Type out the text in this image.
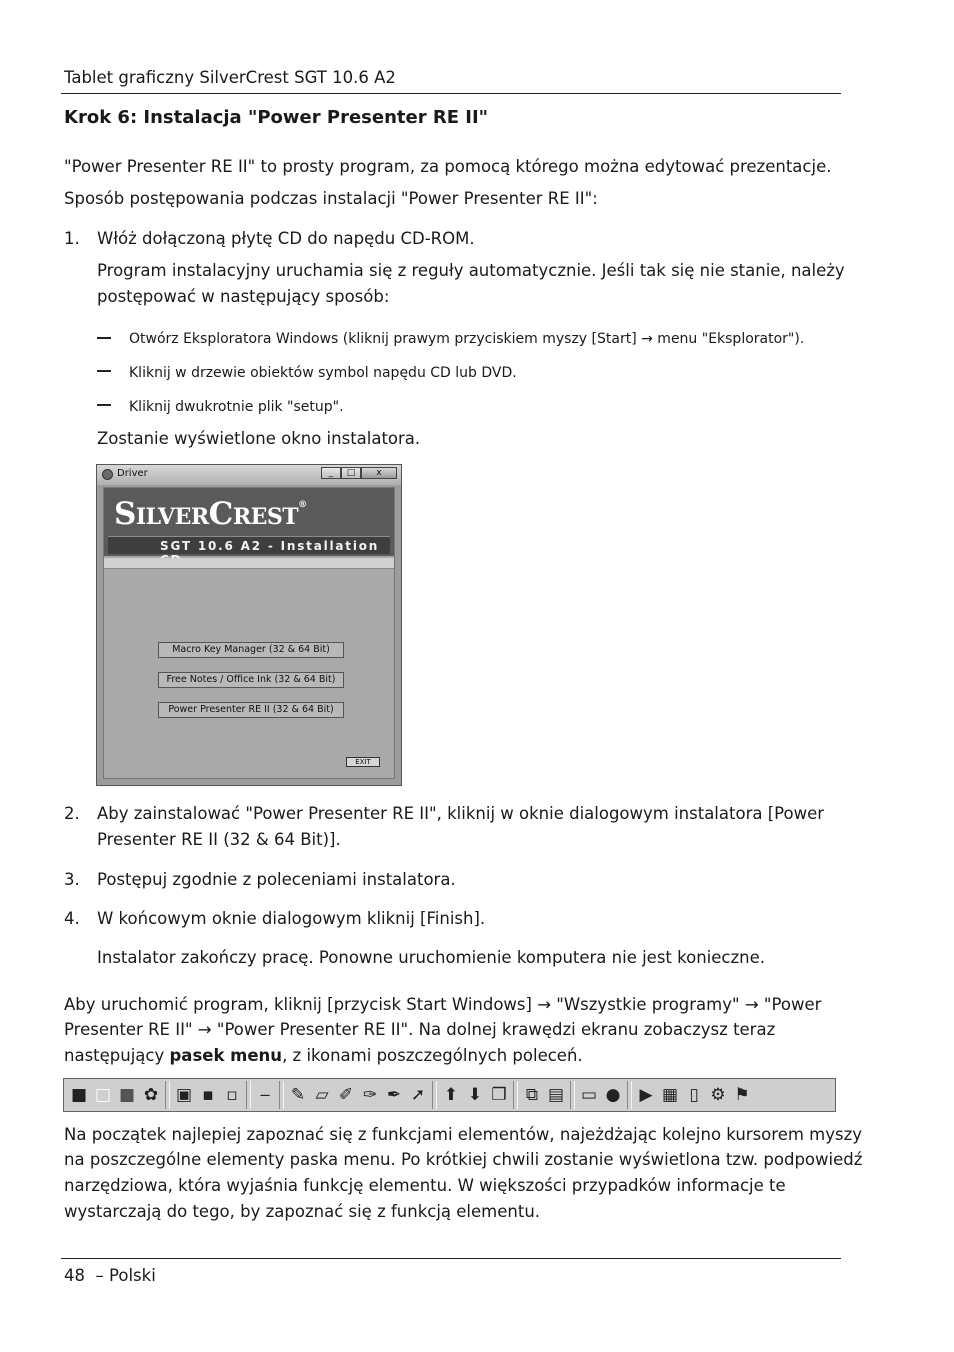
Tablet graficzny SilverCrest SGT 10.6 A2
Krok 6: Instalacja "Power Presenter RE II"
"Power Presenter RE II" to prosty program, za pomocą którego można edytować prezentacje.
Sposób postępowania podczas instalacji "Power Presenter RE II":
1. Włóż dołączoną płytę CD do napędu CD-ROM.
Program instalacyjny uruchamia się z reguły automatycznie. Jeśli tak się nie stanie, należy
postępować w następujący sposób:
Otwórz Eksploratora Windows (kliknij prawym przyciskiem myszy [Start] → menu "Eksplorator").
Kliknij w drzewie obiektów symbol napędu CD lub DVD.
Kliknij dwukrotnie plik "setup".
Zostanie wyświetlone okno instalatora.
Driver	_	□	x
SilverCrest®
SGT 10.6 A2 - Installation
Macro Key Manager (32 & 64 Bit)
Free Notes / Office Ink (32 & 64 Bit)
Power Presenter RE II (32 & 64 Bit)
EXIT
2. Aby zainstalować "Power Presenter RE II", kliknij w oknie dialogowym instalatora [Power
Presenter RE II (32 & 64 Bit)].
3. Postępuj zgodnie z poleceniami instalatora.
4. W końcowym oknie dialogowym kliknij [Finish].
Instalator zakończy pracę. Ponowne uruchomienie komputera nie jest konieczne.
Aby uruchomić program, kliknij [przycisk Start Windows] → "Wszystkie programy" → "Power
Presenter RE II" → "Power Presenter RE II". Na dolnej krawędzi ekranu zobaczysz teraz
następujący pasek menu, z ikonami poszczególnych poleceń.
■ □ ■ ✿ ▣ ▪ ▫	‒	✎ ▱ ✐ ✑ ✒ ➚ ⬆ ⬇ ❐	⧉ ▤ ▭ ●	▶ ▦ ▯ ⚙ ⚑
Na początek najlepiej zapoznać się z funkcjami elementów, najeżdżając kolejno kursorem myszy
na poszczególne elementy paska menu. Po krótkiej chwili zostanie wyświetlona tzw. podpowiedź
narzędziowa, która wyjaśnia funkcję elementu. W większości przypadków informacje te
wystarczają do tego, by zapoznać się z funkcją elementu.
48 – Polski
